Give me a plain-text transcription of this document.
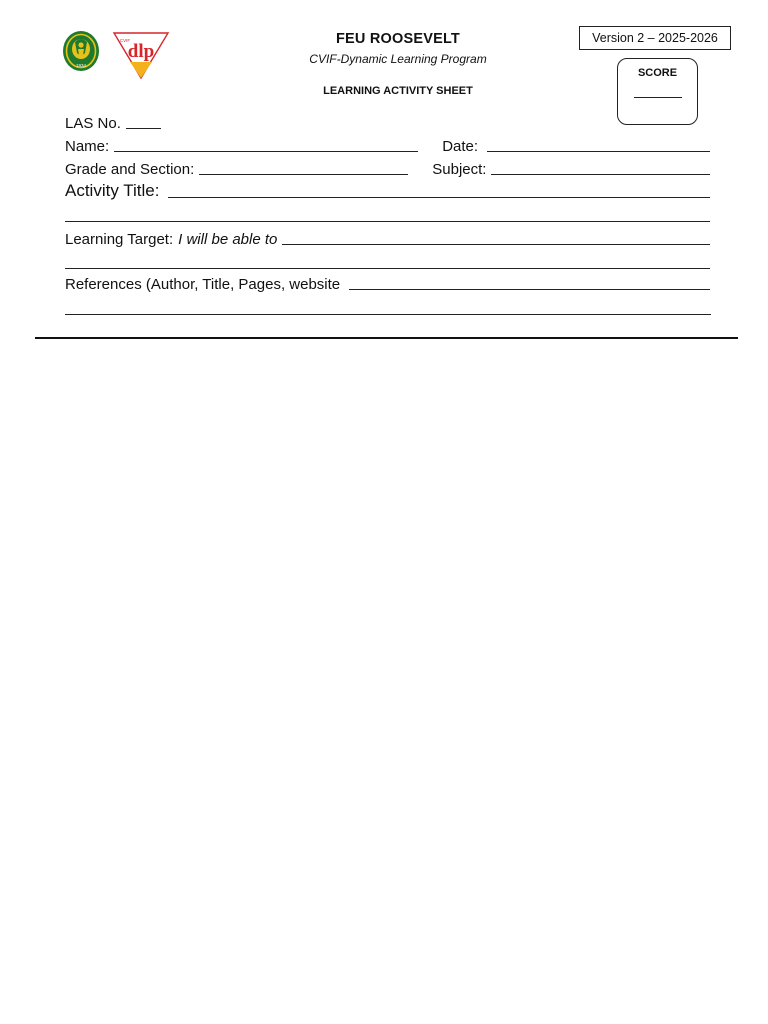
1934
dlp
CVIF	FEU ROOSEVELT
CVIF-Dynamic Learning Program
LEARNING ACTIVITY SHEET
Version 2 – 2025-2026
SCORE
LAS No.
Name:	Date:
Grade and Section:	Subject:
Activity Title:
Learning Target: I will be able to
References (Author, Title, Pages, website
